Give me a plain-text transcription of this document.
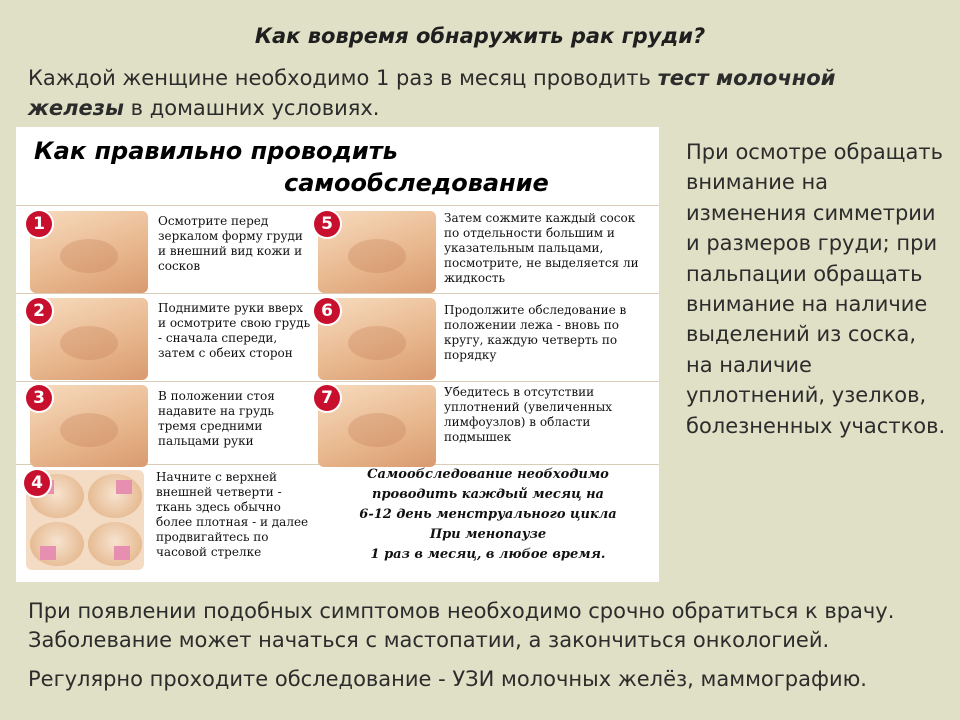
Как вовремя обнаружить рак груди?
Каждой женщине необходимо 1 раз в месяц проводить тест молочной железы в домашних условиях.
Как правильно проводить
самообследование
1	Осмотрите перед зеркалом форму груди и внешний вид кожи и сосков
2	Поднимите руки вверх и осмотрите свою грудь - сначала спереди, затем с обеих сторон
3	В положении стоя надавите на грудь тремя средними пальцами руки
4	Начните с верхней внешней четверти - ткань здесь обычно более плотная - и далее продвигайтесь по часовой стрелке
5	Затем сожмите каждый сосок по отдельности большим и указательным пальцами, посмотрите, не выделяется ли жидкость
6	Продолжите обследование в положении лежа - вновь по кругу, каждую четверть по порядку
7	Убедитесь в отсутствии уплотнений (увеличенных лимфоузлов) в области подмышек
Самообследование необходимо
проводить каждый месяц на
6-12 день менструального цикла
При менопаузе
1 раз в месяц, в любое время.
При осмотре обращать внимание на изменения симметрии и размеров груди; при пальпации обращать внимание на наличие выделений из соска, на наличие уплотнений, узелков, болезненных участков.
При появлении подобных симптомов необходимо срочно обратиться к врачу. Заболевание может начаться с мастопатии, а закончиться онкологией.
Регулярно проходите обследование - УЗИ молочных желёз, маммографию.
